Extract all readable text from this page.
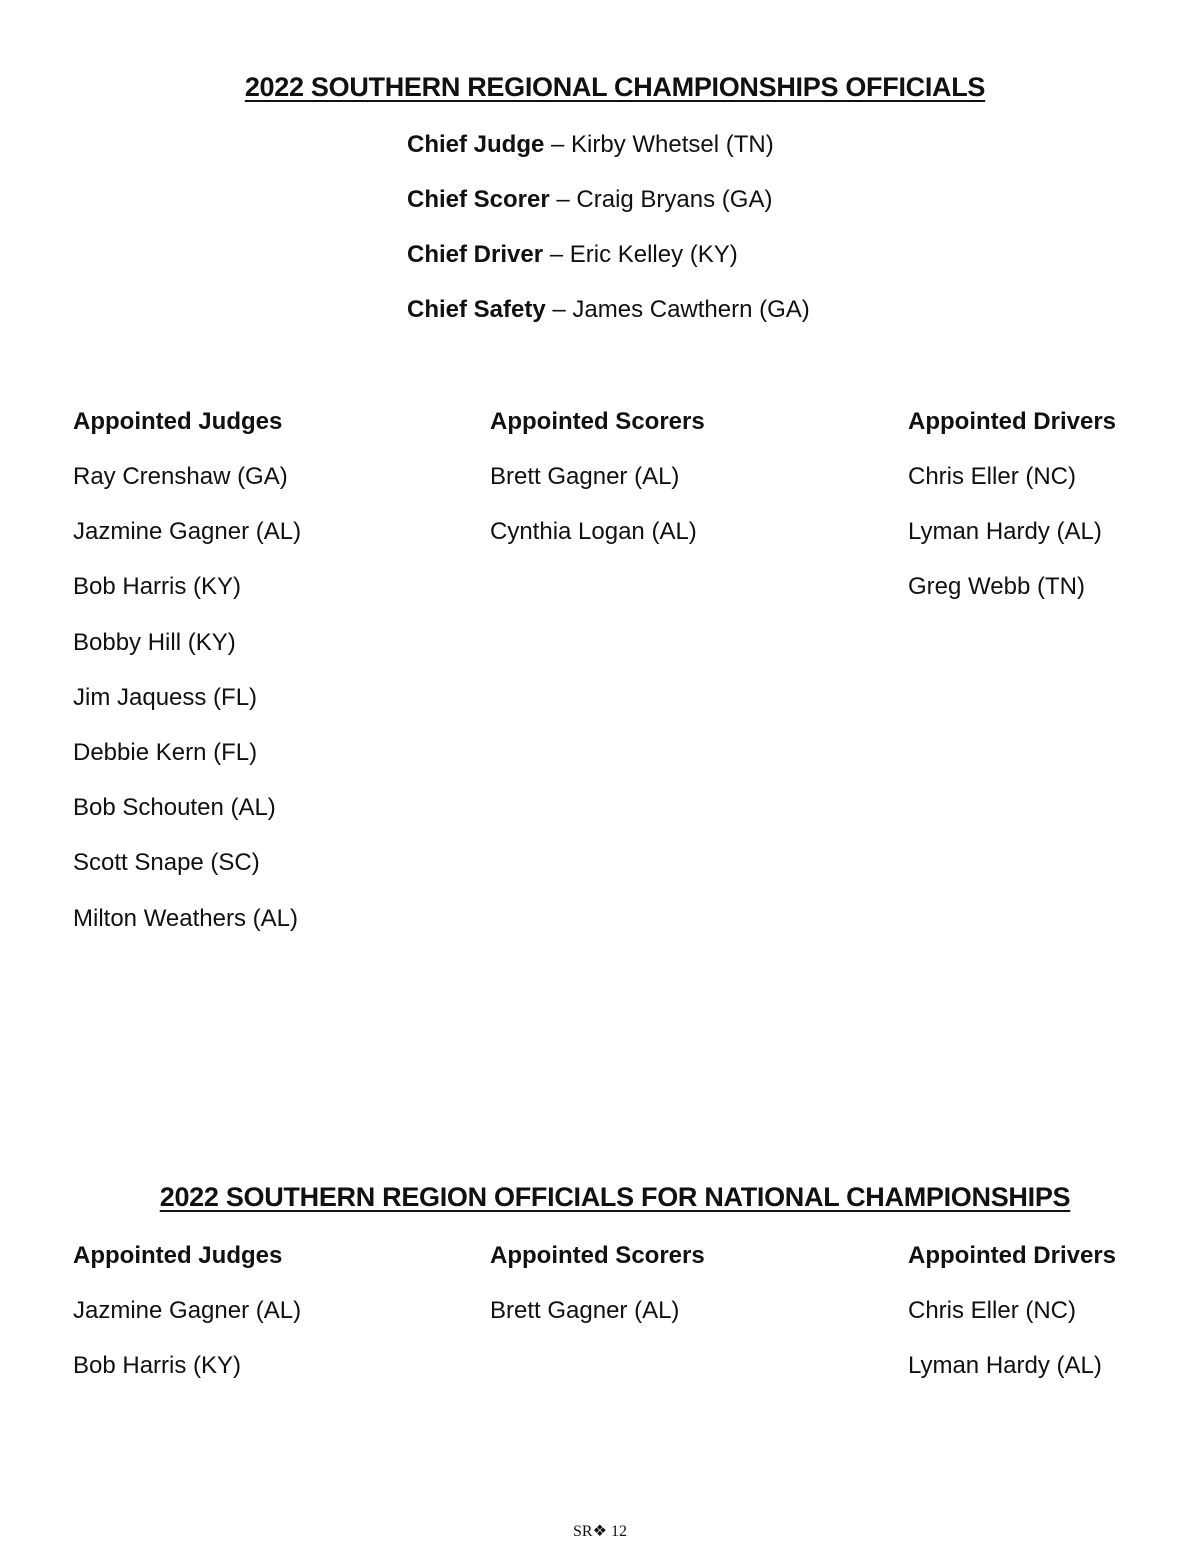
2022 SOUTHERN REGIONAL CHAMPIONSHIPS OFFICIALS
Chief Judge – Kirby Whetsel (TN)
Chief Scorer – Craig Bryans (GA)
Chief Driver – Eric Kelley (KY)
Chief Safety – James Cawthern (GA)
Appointed Judges
Ray Crenshaw (GA)
Jazmine Gagner (AL)
Bob Harris (KY)
Bobby Hill (KY)
Jim Jaquess (FL)
Debbie Kern (FL)
Bob Schouten (AL)
Scott Snape (SC)
Milton Weathers (AL)
Appointed Scorers
Brett Gagner (AL)
Cynthia Logan (AL)
Appointed Drivers
Chris Eller (NC)
Lyman Hardy (AL)
Greg Webb (TN)
2022 SOUTHERN REGION OFFICIALS FOR NATIONAL CHAMPIONSHIPS
Appointed Judges
Jazmine Gagner (AL)
Bob Harris (KY)
Appointed Scorers
Brett Gagner (AL)
Appointed Drivers
Chris Eller (NC)
Lyman Hardy (AL)
SR❖ 12
